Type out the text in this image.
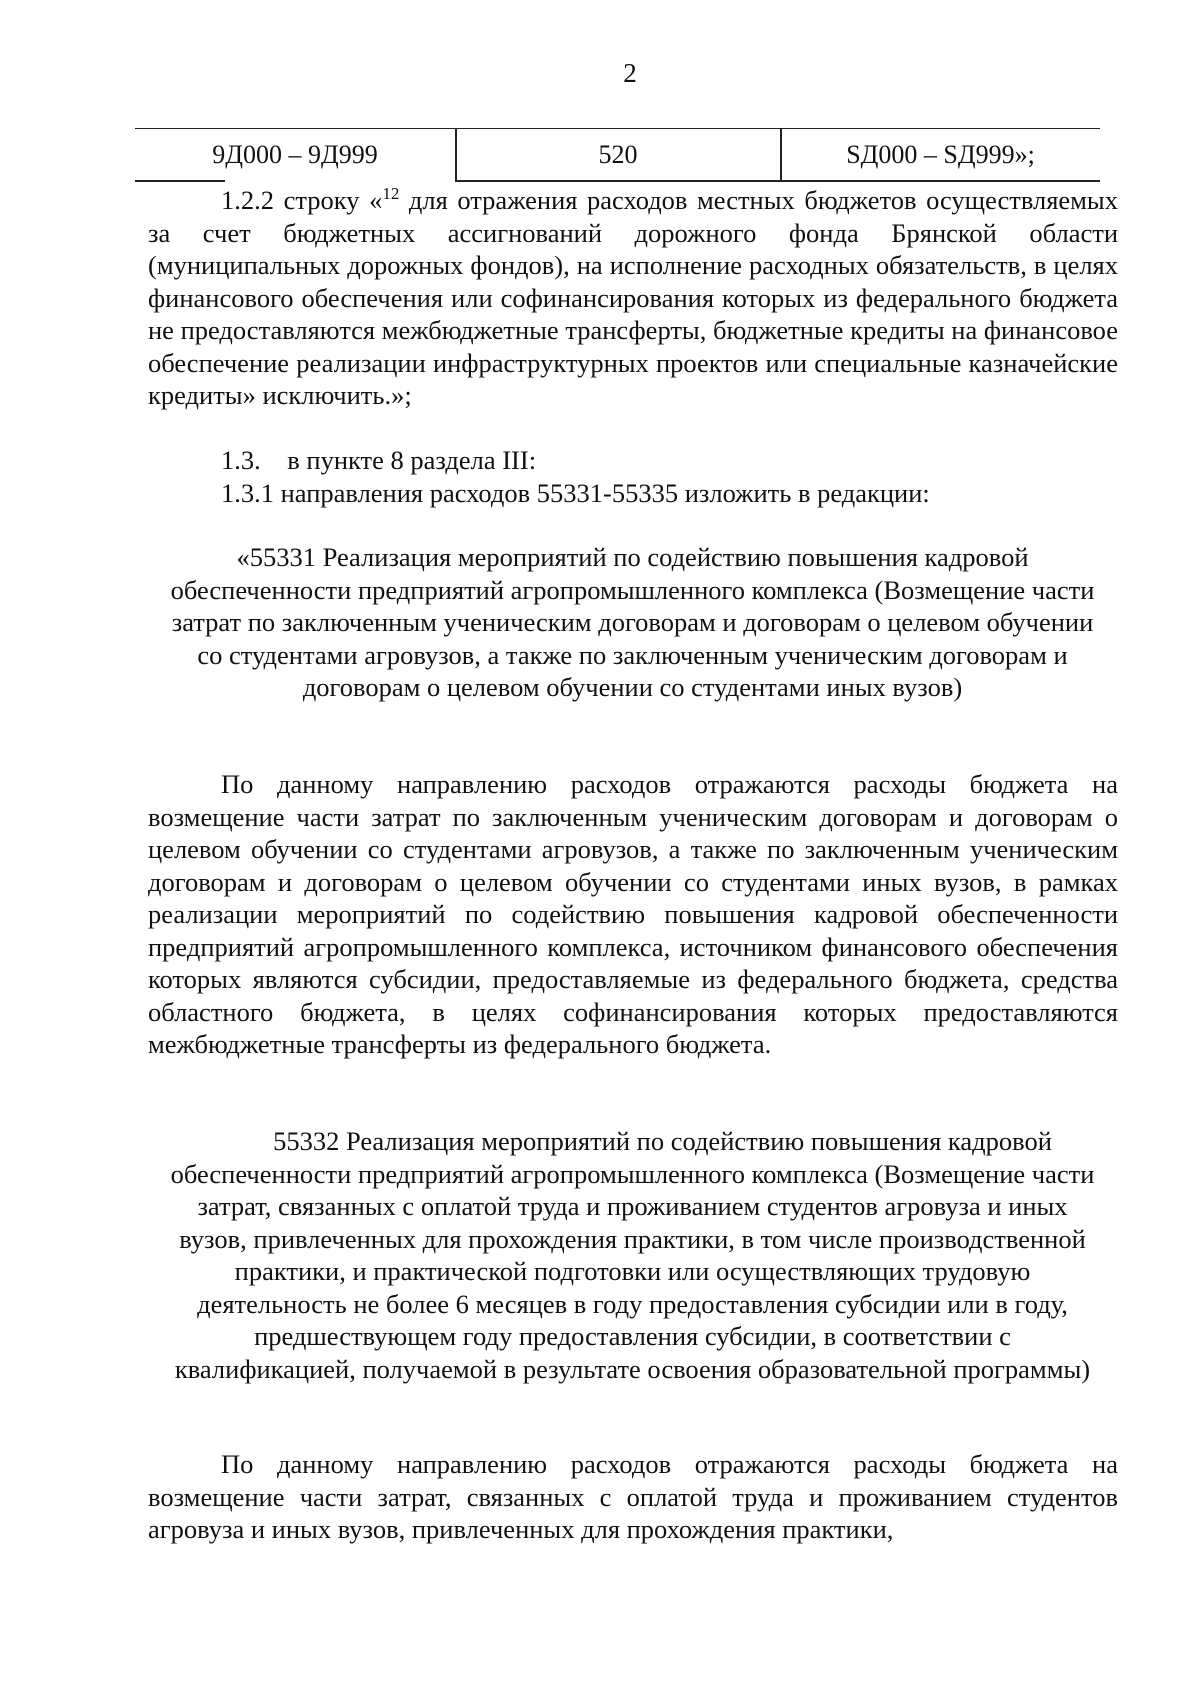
2
9Д000 – 9Д999	520	SД000 – SД999»;

1.2.2 строку «$^{12}$ для отражения расходов местных бюджетов осуществляемых за счет бюджетных ассигнований дорожного фонда Брянской области (муниципальных дорожных фондов), на исполнение расходных обязательств, в целях финансового обеспечения или софинансирования которых из федерального бюджета не предоставляются межбюджетные трансферты, бюджетные кредиты на финансовое обеспечение реализации инфраструктурных проектов или специальные казначейские кредиты» исключить.»;

1.3. в пункте 8 раздела III:

1.3.1 направления расходов 55331-55335 изложить в редакции:

«55331 Реализация мероприятий по содействию повышения кадровой обеспеченности предприятий агропромышленного комплекса (Возмещение части затрат по заключенным ученическим договорам и договорам о целевом обучении со студентами агровузов, а также по заключенным ученическим договорам и договорам о целевом обучении со студентами иных вузов)

По данному направлению расходов отражаются расходы бюджета на возмещение части затрат по заключенным ученическим договорам и договорам о целевом обучении со студентами агровузов, а также по заключенным ученическим договорам и договорам о целевом обучении со студентами иных вузов, в рамках реализации мероприятий по содействию повышения кадровой обеспеченности предприятий агропромышленного комплекса, источником финансового обеспечения которых являются субсидии, предоставляемые из федерального бюджета, средства областного бюджета, в целях софинансирования которых предоставляются межбюджетные трансферты из федерального бюджета.

55332 Реализация мероприятий по содействию повышения кадровой обеспеченности предприятий агропромышленного комплекса (Возмещение части затрат, связанных с оплатой труда и проживанием студентов агровуза и иных вузов, привлеченных для прохождения практики, в том числе производственной практики, и практической подготовки или осуществляющих трудовую деятельность не более 6 месяцев в году предоставления субсидии или в году, предшествующем году предоставления субсидии, в соответствии с квалификацией, получаемой в результате освоения образовательной программы)

По данному направлению расходов отражаются расходы бюджета на возмещение части затрат, связанных с оплатой труда и проживанием студентов агровуза и иных вузов, привлеченных для прохождения практики,
